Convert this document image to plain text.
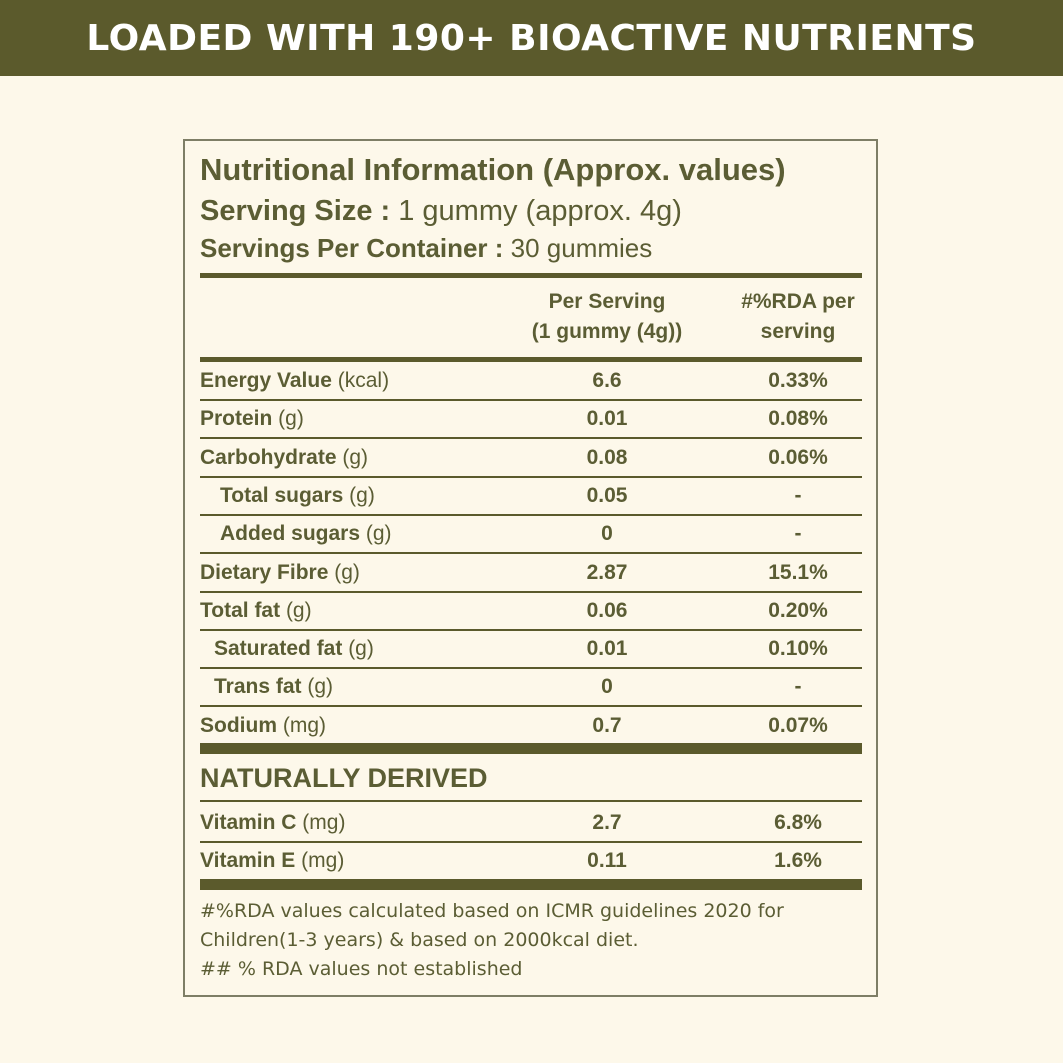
LOADED WITH 190+ BIOACTIVE NUTRIENTS
Nutritional Information (Approx. values)
Serving Size : 1 gummy (approx. 4g)
Servings Per Container : 30 gummies
Per Serving
(1 gummy (4g))
#%RDA per
serving
Energy Value (kcal)	6.6	0.33%
Protein (g)	0.01	0.08%
Carbohydrate (g)	0.08	0.06%
Total sugars (g)	0.05	-
Added sugars (g)	0	-
Dietary Fibre (g)	2.87	15.1%
Total fat (g)	0.06	0.20%
Saturated fat (g)	0.01	0.10%
Trans fat (g)	0	-
Sodium (mg)	0.7	0.07%
NATURALLY DERIVED
Vitamin C (mg)	2.7	6.8%
Vitamin E (mg)	0.11	1.6%
#%RDA values calculated based on ICMR guidelines 2020 for
Children(1-3 years) & based on 2000kcal diet.
## % RDA values not established
